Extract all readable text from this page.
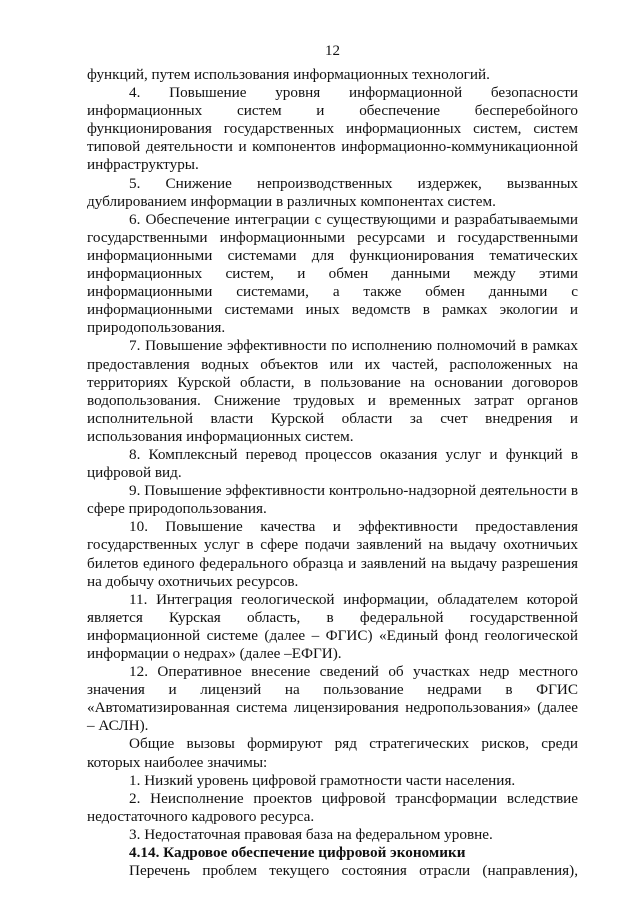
12

функций, путем использования информационных технологий.

4. Повышение уровня информационной безопасности информационных систем и обеспечение бесперебойного функционирования государственных информационных систем, систем типовой деятельности и компонентов информационно-коммуникационной инфраструктуры.

5. Снижение непроизводственных издержек, вызванных дублированием информации в различных компонентах систем.

6. Обеспечение интеграции с существующими и разрабатываемыми государственными информационными ресурсами и государственными информационными системами для функционирования тематических информационных систем, и обмен данными между этими информационными системами, а также обмен данными с информационными системами иных ведомств в рамках экологии и природопользования.

7. Повышение эффективности по исполнению полномочий в рамках предоставления водных объектов или их частей, расположенных на территориях Курской области, в пользование на основании договоров водопользования. Снижение трудовых и временных затрат органов исполнительной власти Курской области за счет внедрения и использования информационных систем.

8. Комплексный перевод процессов оказания услуг и функций в цифровой вид.

9. Повышение эффективности контрольно-надзорной деятельности в сфере природопользования.

10. Повышение качества и эффективности предоставления государственных услуг в сфере подачи заявлений на выдачу охотничьих билетов единого федерального образца и заявлений на выдачу разрешения на добычу охотничьих ресурсов.

11. Интеграция геологической информации, обладателем которой является Курская область, в федеральной государственной информационной системе (далее – ФГИС) «Единый фонд геологической информации о недрах» (далее –ЕФГИ).

12. Оперативное внесение сведений об участках недр местного значения и лицензий на пользование недрами в ФГИС «Автоматизированная система лицензирования недропользования» (далее – АСЛН).

Общие вызовы формируют ряд стратегических рисков, среди которых наиболее значимы:

1. Низкий уровень цифровой грамотности части населения.

2. Неисполнение проектов цифровой трансформации вследствие недостаточного кадрового ресурса.

3. Недостаточная правовая база на федеральном уровне.

4.14. Кадровое обеспечение цифровой экономики

Перечень проблем текущего состояния отрасли (направления),
